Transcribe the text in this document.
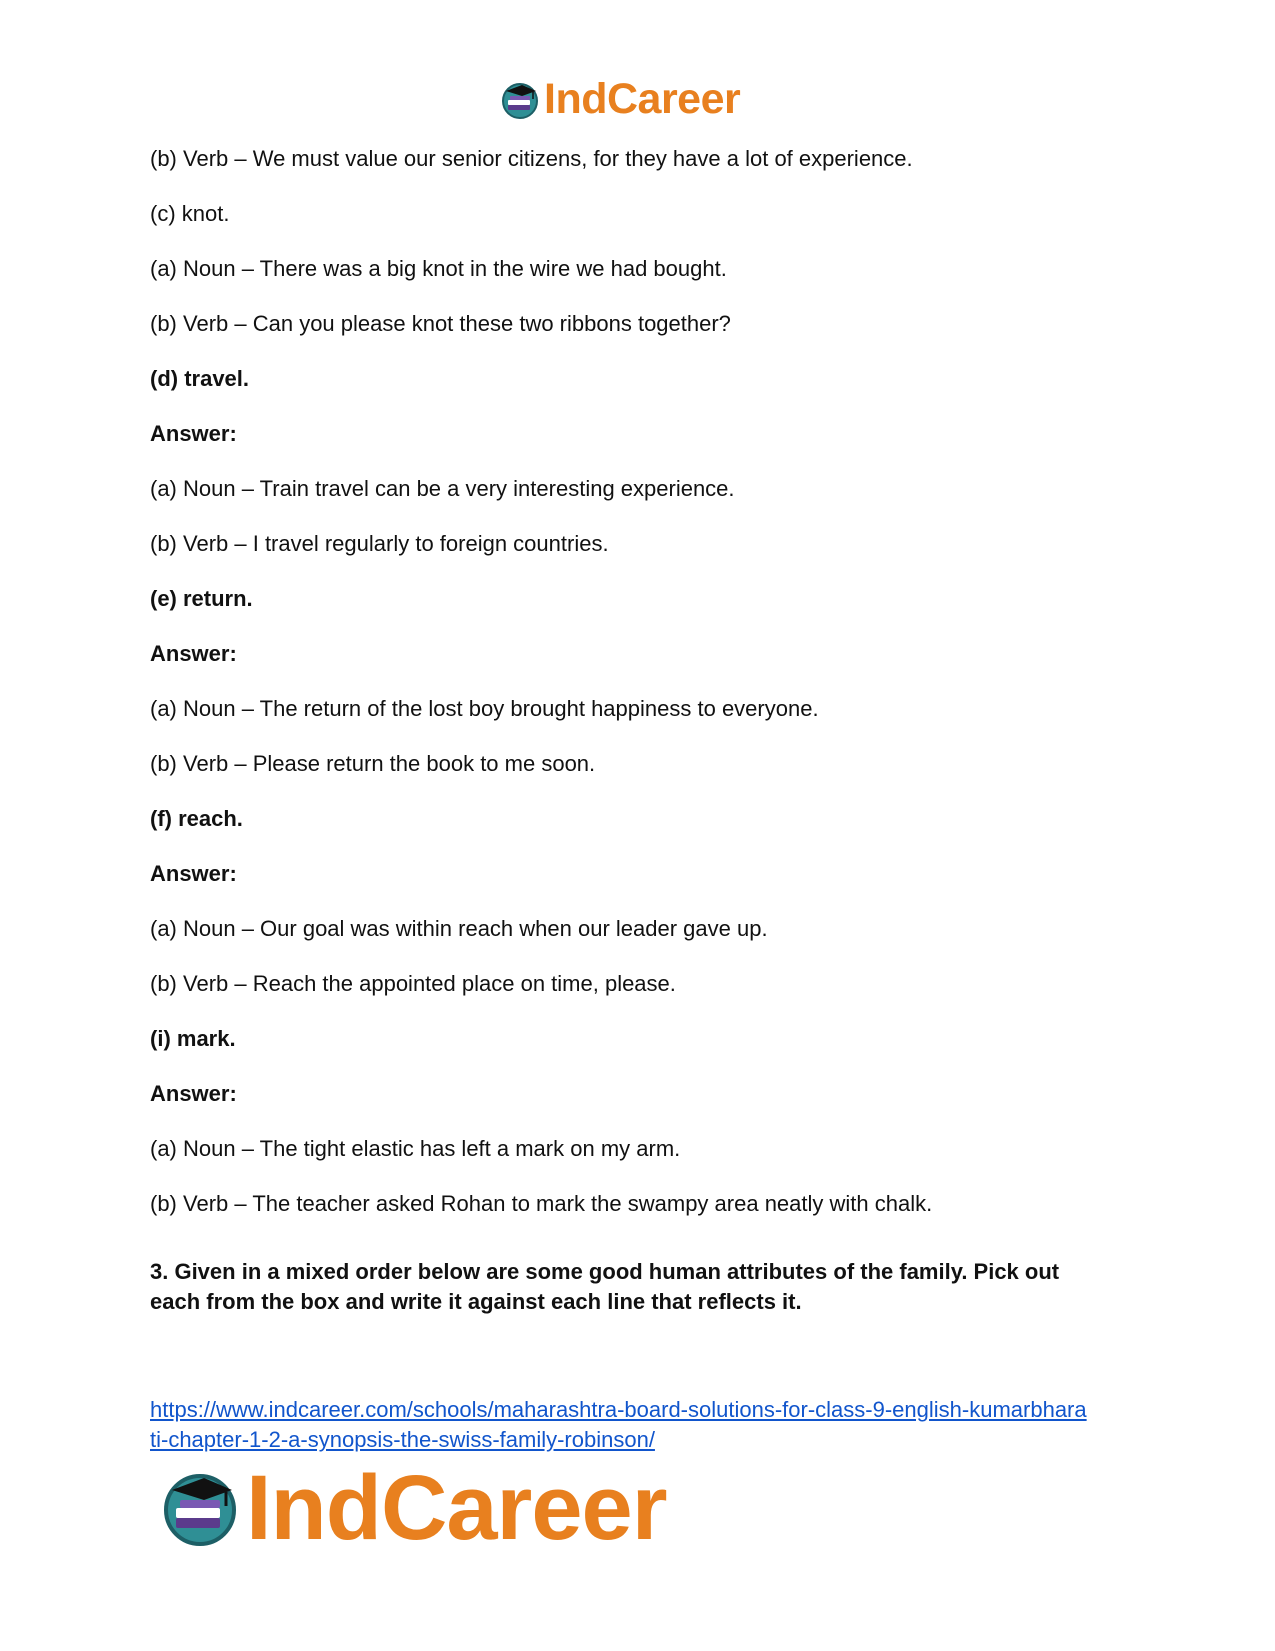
IndCareer
(b) Verb – We must value our senior citizens, for they have a lot of experience.
(c) knot.
(a) Noun – There was a big knot in the wire we had bought.
(b) Verb – Can you please knot these two ribbons together?
(d) travel.
Answer:
(a) Noun – Train travel can be a very interesting experience.
(b) Verb – I travel regularly to foreign countries.
(e) return.
Answer:
(a) Noun – The return of the lost boy brought happiness to everyone.
(b) Verb – Please return the book to me soon.
(f) reach.
Answer:
(a) Noun – Our goal was within reach when our leader gave up.
(b) Verb – Reach the appointed place on time, please.
(i) mark.
Answer:
(a) Noun – The tight elastic has left a mark on my arm.
(b) Verb – The teacher asked Rohan to mark the swampy area neatly with chalk.
3. Given in a mixed order below are some good human attributes of the family. Pick out
each from the box and write it against each line that reflects it.
https://www.indcareer.com/schools/maharashtra-board-solutions-for-class-9-english-kumarbhara
ti-chapter-1-2-a-synopsis-the-swiss-family-robinson/
IndCareer
